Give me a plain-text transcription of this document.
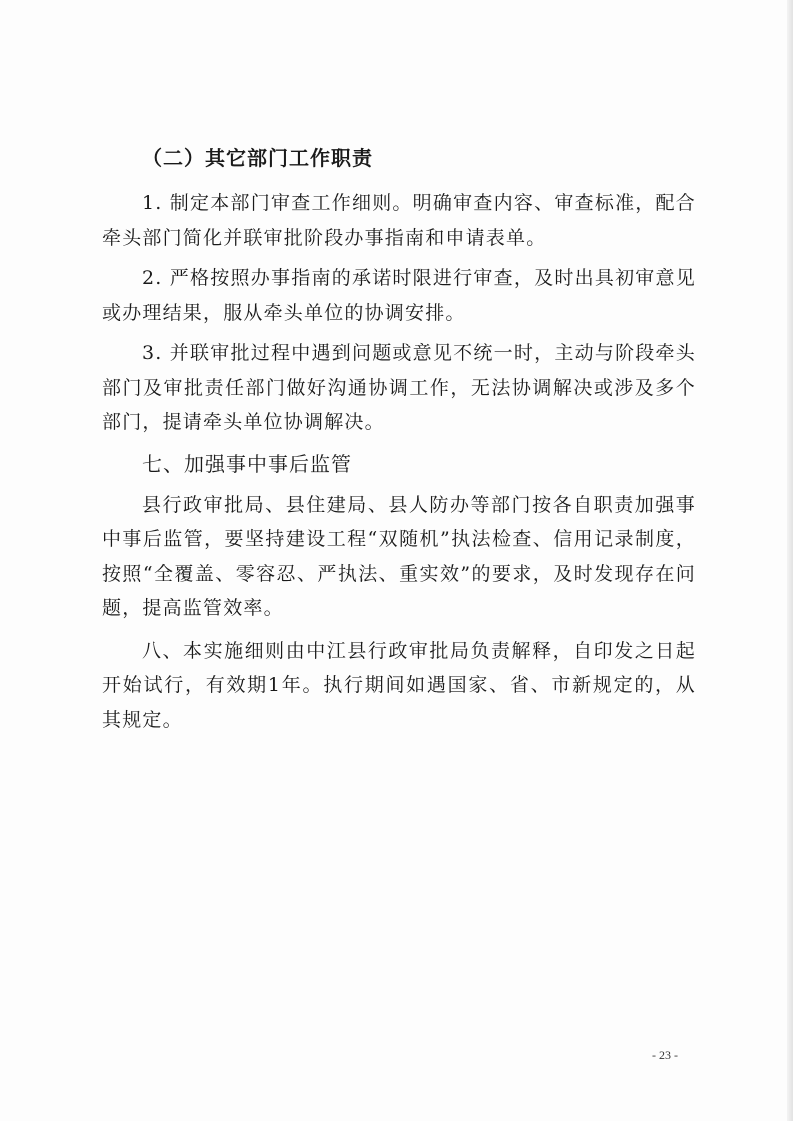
（二）其它部门工作职责

1. 制定本部门审查工作细则。明确审查内容、审查标准，配合牵头部门简化并联审批阶段办事指南和申请表单。

2. 严格按照办事指南的承诺时限进行审查，及时出具初审意见或办理结果，服从牵头单位的协调安排。

3. 并联审批过程中遇到问题或意见不统一时，主动与阶段牵头部门及审批责任部门做好沟通协调工作，无法协调解决或涉及多个部门，提请牵头单位协调解决。

七、加强事中事后监管

县行政审批局、县住建局、县人防办等部门按各自职责加强事中事后监管，要坚持建设工程“双随机”执法检查、信用记录制度，按照“全覆盖、零容忍、严执法、重实效”的要求，及时发现存在问题，提高监管效率。

八、本实施细则由中江县行政审批局负责解释，自印发之日起开始试行，有效期1年。执行期间如遇国家、省、市新规定的，从其规定。

- 23 -
